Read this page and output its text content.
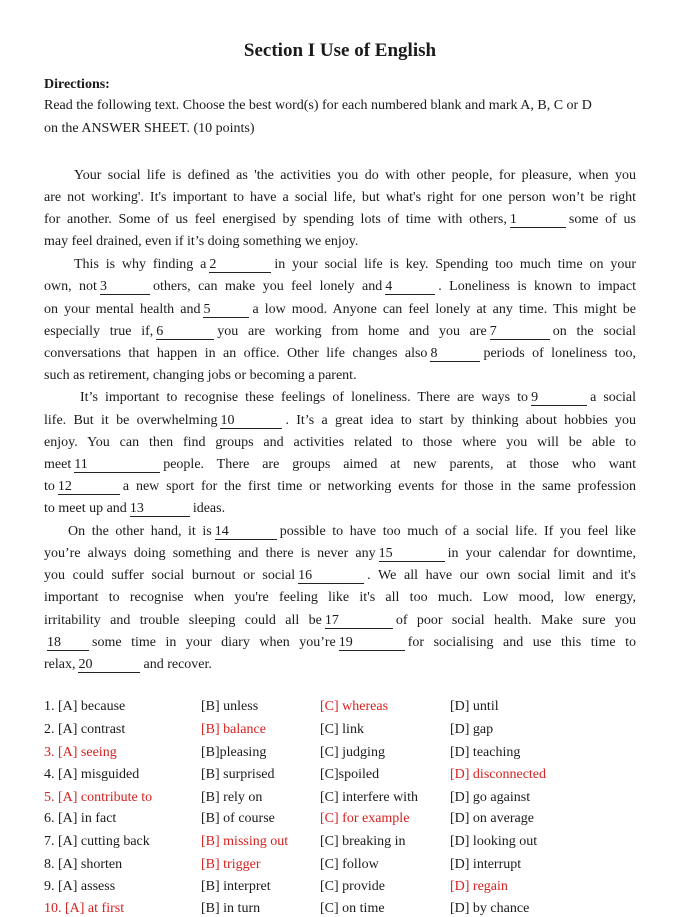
Section I Use of English
Directions:
Read the following text. Choose the best word(s) for each numbered blank and mark A, B, C or D
on the ANSWER SHEET. (10 points)
Your social life is defined as 'the activities you do with other people, for pleasure, when you
are not working'. It's important to have a social life, but what's right for one person won’t be right
for another. Some of us feel energised by spending lots of time with others, 1	some of us
may feel drained, even if it’s doing something we enjoy.
This is why finding a 2	in your social life is key. Spending too much time on your
own, not 3	others, can make you feel lonely and 4	. Loneliness is known to impact
on your mental health and 5	a low mood. Anyone can feel lonely at any time. This might be
especially true if, 6	you are working from home and you are 7	on the social
conversations that happen in an office. Other life changes also 8	periods of loneliness too,
such as retirement, changing jobs or becoming a parent.
It’s important to recognise these feelings of loneliness. There are ways to 9	a social
life. But it be overwhelming 10	. It’s a great idea to start by thinking about hobbies you
enjoy. You can then find groups and activities related to those where you will be able to
meet 11	people. There are groups aimed at new parents, at those who want
to 12	a new sport for the first time or networking events for those in the same profession
to meet up and 13	ideas.
On the other hand, it is 14	possible to have too much of a social life. If you feel like
you’re always doing something and there is never any 15	in your calendar for downtime,
you could suffer social burnout or social 16	. We all have our own social limit and it's
important to recognise when you're feeling like it's all too much. Low mood, low energy,
irritability and trouble sleeping could all be 17	of poor social health. Make sure you
18 some time in your diary when you’re 19	for socialising and use this time to
relax, 20	and recover.
1. [A] because	[B] unless	[C] whereas	[D] until
2. [A] contrast	[B] balance	[C] link	[D] gap
3. [A] seeing	[B]pleasing	[C] judging	[D] teaching
4. [A] misguided	[B] surprised	[C]spoiled	[D] disconnected
5. [A] contribute to	[B] rely on	[C] interfere with [D] go against
6. [A] in fact	[B] of course	[C] for example	[D] on average
7. [A] cutting back	[B] missing out [C] breaking in	[D] looking out
8. [A] shorten	[B] trigger	[C] follow	[D] interrupt
9. [A] assess	[B] interpret	[C] provide	[D] regain
10. [A] at first	[B] in turn	[C] on time	[D] by chance
